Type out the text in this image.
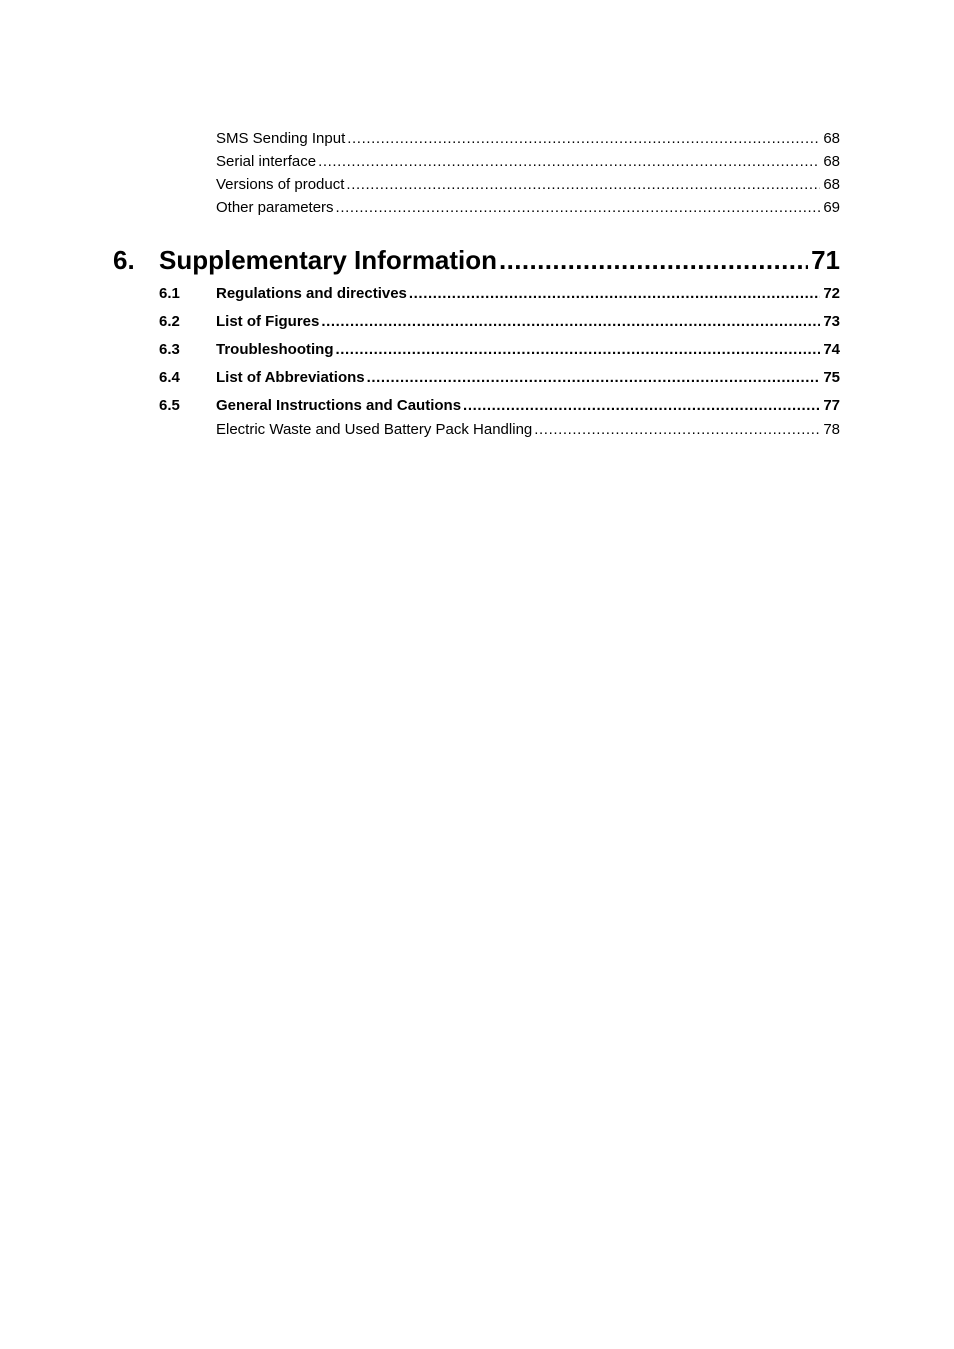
SMS Sending Input .....	68
Serial interface .....	68
Versions of product .....	68
Other parameters .....	69
6. Supplementary Information .....	71
6.1 Regulations and directives .....	72
6.2 List of Figures .....	73
6.3 Troubleshooting .....	74
6.4 List of Abbreviations .....	75
6.5 General Instructions and Cautions .....	77
Electric Waste and Used Battery Pack Handling .....	78
